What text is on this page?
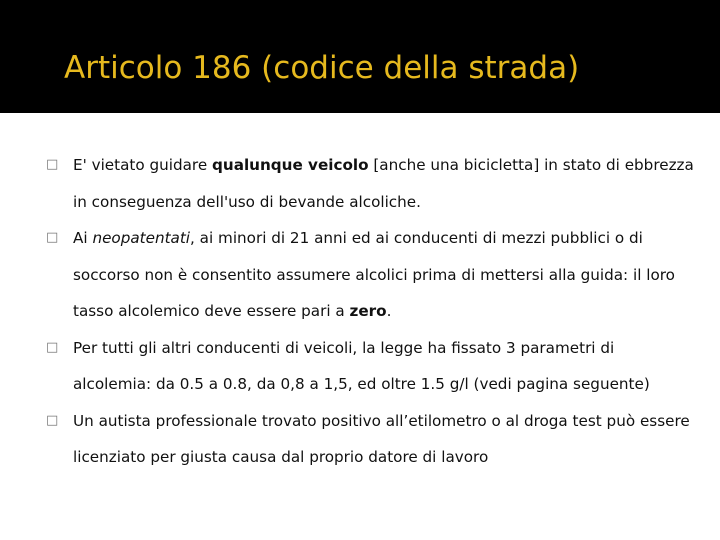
Articolo 186 (codice della strada)
□ E' vietato guidare qualunque veicolo [anche una bicicletta] in stato di ebbrezza in conseguenza dell'uso di bevande alcoliche.
□ Ai neopatentati, ai minori di 21 anni ed ai conducenti di mezzi pubblici o di soccorso non è consentito assumere alcolici prima di mettersi alla guida: il loro tasso alcolemico deve essere pari a zero.
□ Per tutti gli altri conducenti di veicoli, la legge ha fissato 3 parametri di alcolemia: da 0.5 a 0.8, da 0,8 a 1,5, ed oltre 1.5 g/l (vedi pagina seguente)
□ Un autista professionale trovato positivo all’etilometro o al droga test può essere licenziato per giusta causa dal proprio datore di lavoro
